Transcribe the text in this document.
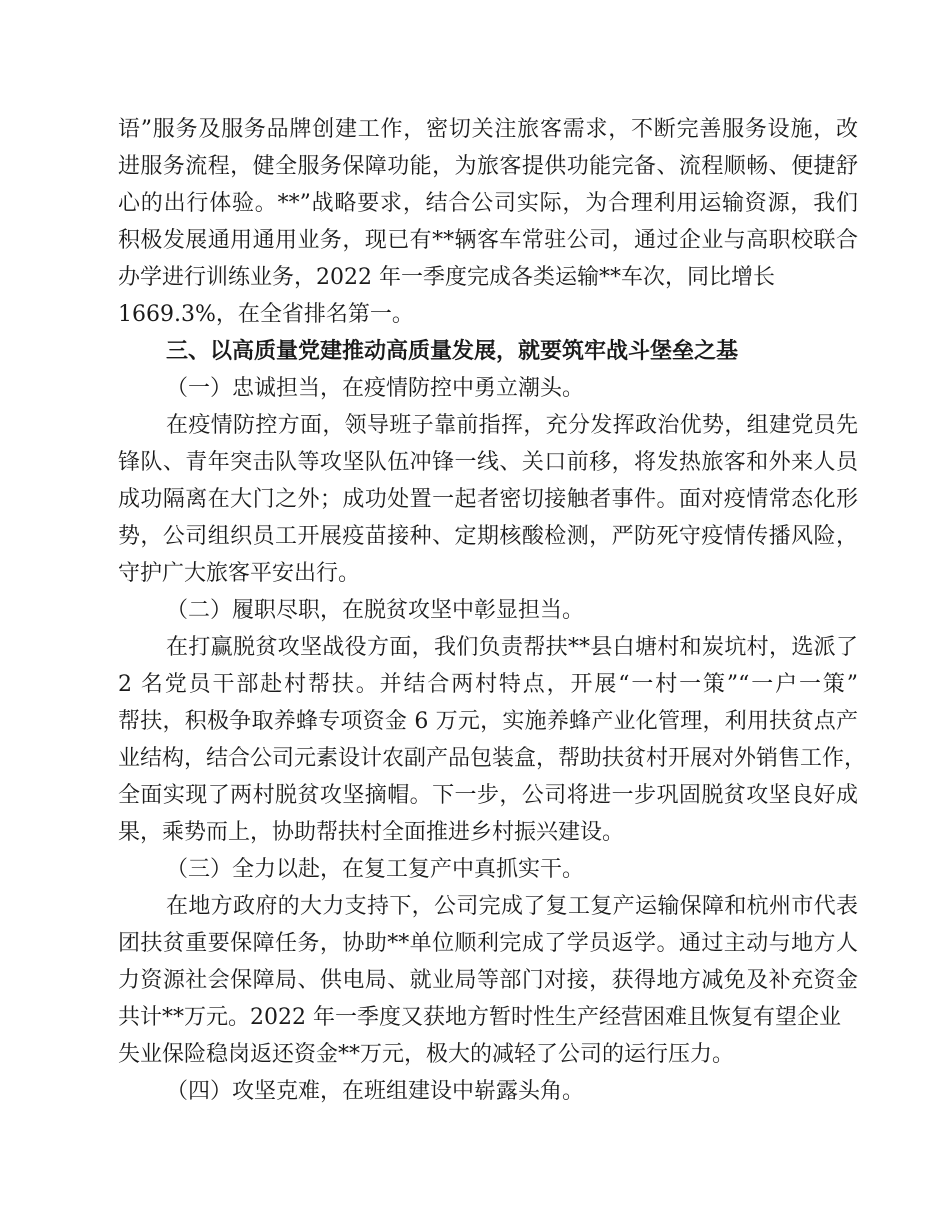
语”服务及服务品牌创建工作，密切关注旅客需求，不断完善服务设施，改
进服务流程，健全服务保障功能，为旅客提供功能完备、流程顺畅、便捷舒
心的出行体验。**”战略要求，结合公司实际，为合理利用运输资源，我们
积极发展通用通用业务，现已有**辆客车常驻公司，通过企业与高职校联合
办学进行训练业务，2022 年一季度完成各类运输**车次，同比增长
1669.3%，在全省排名第一。
三、以高质量党建推动高质量发展，就要筑牢战斗堡垒之基
（一）忠诚担当，在疫情防控中勇立潮头。
在疫情防控方面，领导班子靠前指挥，充分发挥政治优势，组建党员先
锋队、青年突击队等攻坚队伍冲锋一线、关口前移，将发热旅客和外来人员
成功隔离在大门之外；成功处置一起者密切接触者事件。面对疫情常态化形
势，公司组织员工开展疫苗接种、定期核酸检测，严防死守疫情传播风险，
守护广大旅客平安出行。
（二）履职尽职，在脱贫攻坚中彰显担当。
在打赢脱贫攻坚战役方面，我们负责帮扶**县白塘村和炭坑村，选派了
2 名党员干部赴村帮扶。并结合两村特点，开展“一村一策”“一户一策”
帮扶，积极争取养蜂专项资金 6 万元，实施养蜂产业化管理，利用扶贫点产
业结构，结合公司元素设计农副产品包装盒，帮助扶贫村开展对外销售工作，
全面实现了两村脱贫攻坚摘帽。下一步，公司将进一步巩固脱贫攻坚良好成
果，乘势而上，协助帮扶村全面推进乡村振兴建设。
（三）全力以赴，在复工复产中真抓实干。
在地方政府的大力支持下，公司完成了复工复产运输保障和杭州市代表
团扶贫重要保障任务，协助**单位顺利完成了学员返学。通过主动与地方人
力资源社会保障局、供电局、就业局等部门对接，获得地方减免及补充资金
共计**万元。2022 年一季度又获地方暂时性生产经营困难且恢复有望企业
失业保险稳岗返还资金**万元，极大的减轻了公司的运行压力。
（四）攻坚克难，在班组建设中崭露头角。
